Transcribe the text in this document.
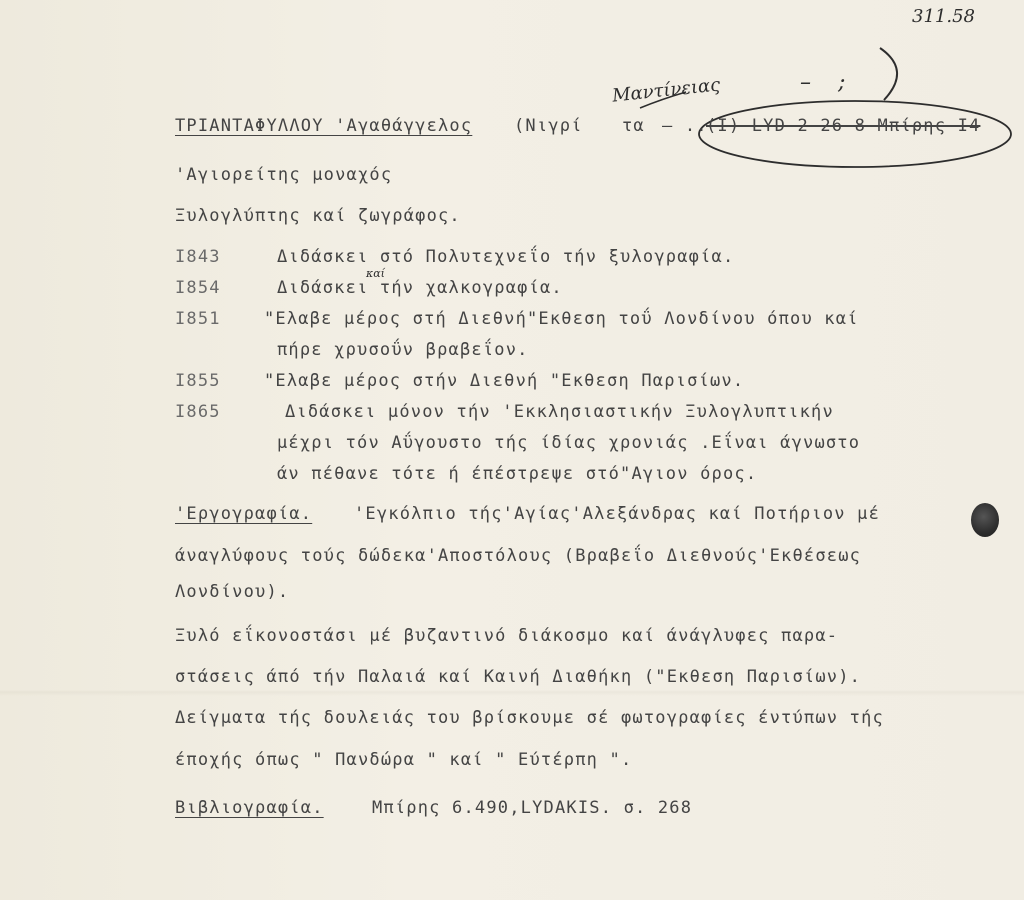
311.58
Μαντίνειας	– ;
ΤΡΙΑΝΤΑΦΥΛΛΟΥ 'Αγαθάγγελος (Νιγρί τα – ..
(I) LYD 2 26 8 Μπίρης I4
'Αγιορείτης μοναχός
Ξυλογλύπτης καί ζωγράφος.
I843	Διδάσκει στό Πολυτεχνεΐο τήν ξυλογραφία.
I854	Διδάσκει τήν χαλκογραφία.
καί
I851	"Ελαβε μέρος στή Διεθνή"Εκθεση τοΰ Λονδίνου όπου καί
πήρε χρυσοΰν βραβεΐον.
I855	"Ελαβε μέρος στήν Διεθνή "Εκθεση Παρισίων.
I865	Διδάσκει μόνον τήν 'Εκκλησιαστικήν Ξυλογλυπτικήν
μέχρι τόν Αΰγουστο τής ίδίας χρονιάς .Εΐναι άγνωστο
άν πέθανε τότε ή έπέστρεψε στό"Αγιον όρος.
'Εργογραφία. 'Εγκόλπιο τής'Αγίας'Αλεξάνδρας καί Ποτήριον μέ
άναγλύφους τούς δώδεκα'Αποστόλους (Βραβεΐο Διεθνούς'Εκθέσεως
Λονδίνου).
Ξυλό εΐκονοστάσι μέ βυζαντινό διάκοσμο καί άνάγλυφες παρα-
στάσεις άπό τήν Παλαιά καί Καινή Διαθήκη ("Εκθεση Παρισίων).
Δείγματα τής δουλειάς του βρίσκουμε σέ φωτογραφίες έντύπων τής
έποχής όπως " Πανδώρα " καί " Εύτέρπη ".
Βιβλιογραφία.	Μπίρης 6.490,LYDAKIS. σ. 268
